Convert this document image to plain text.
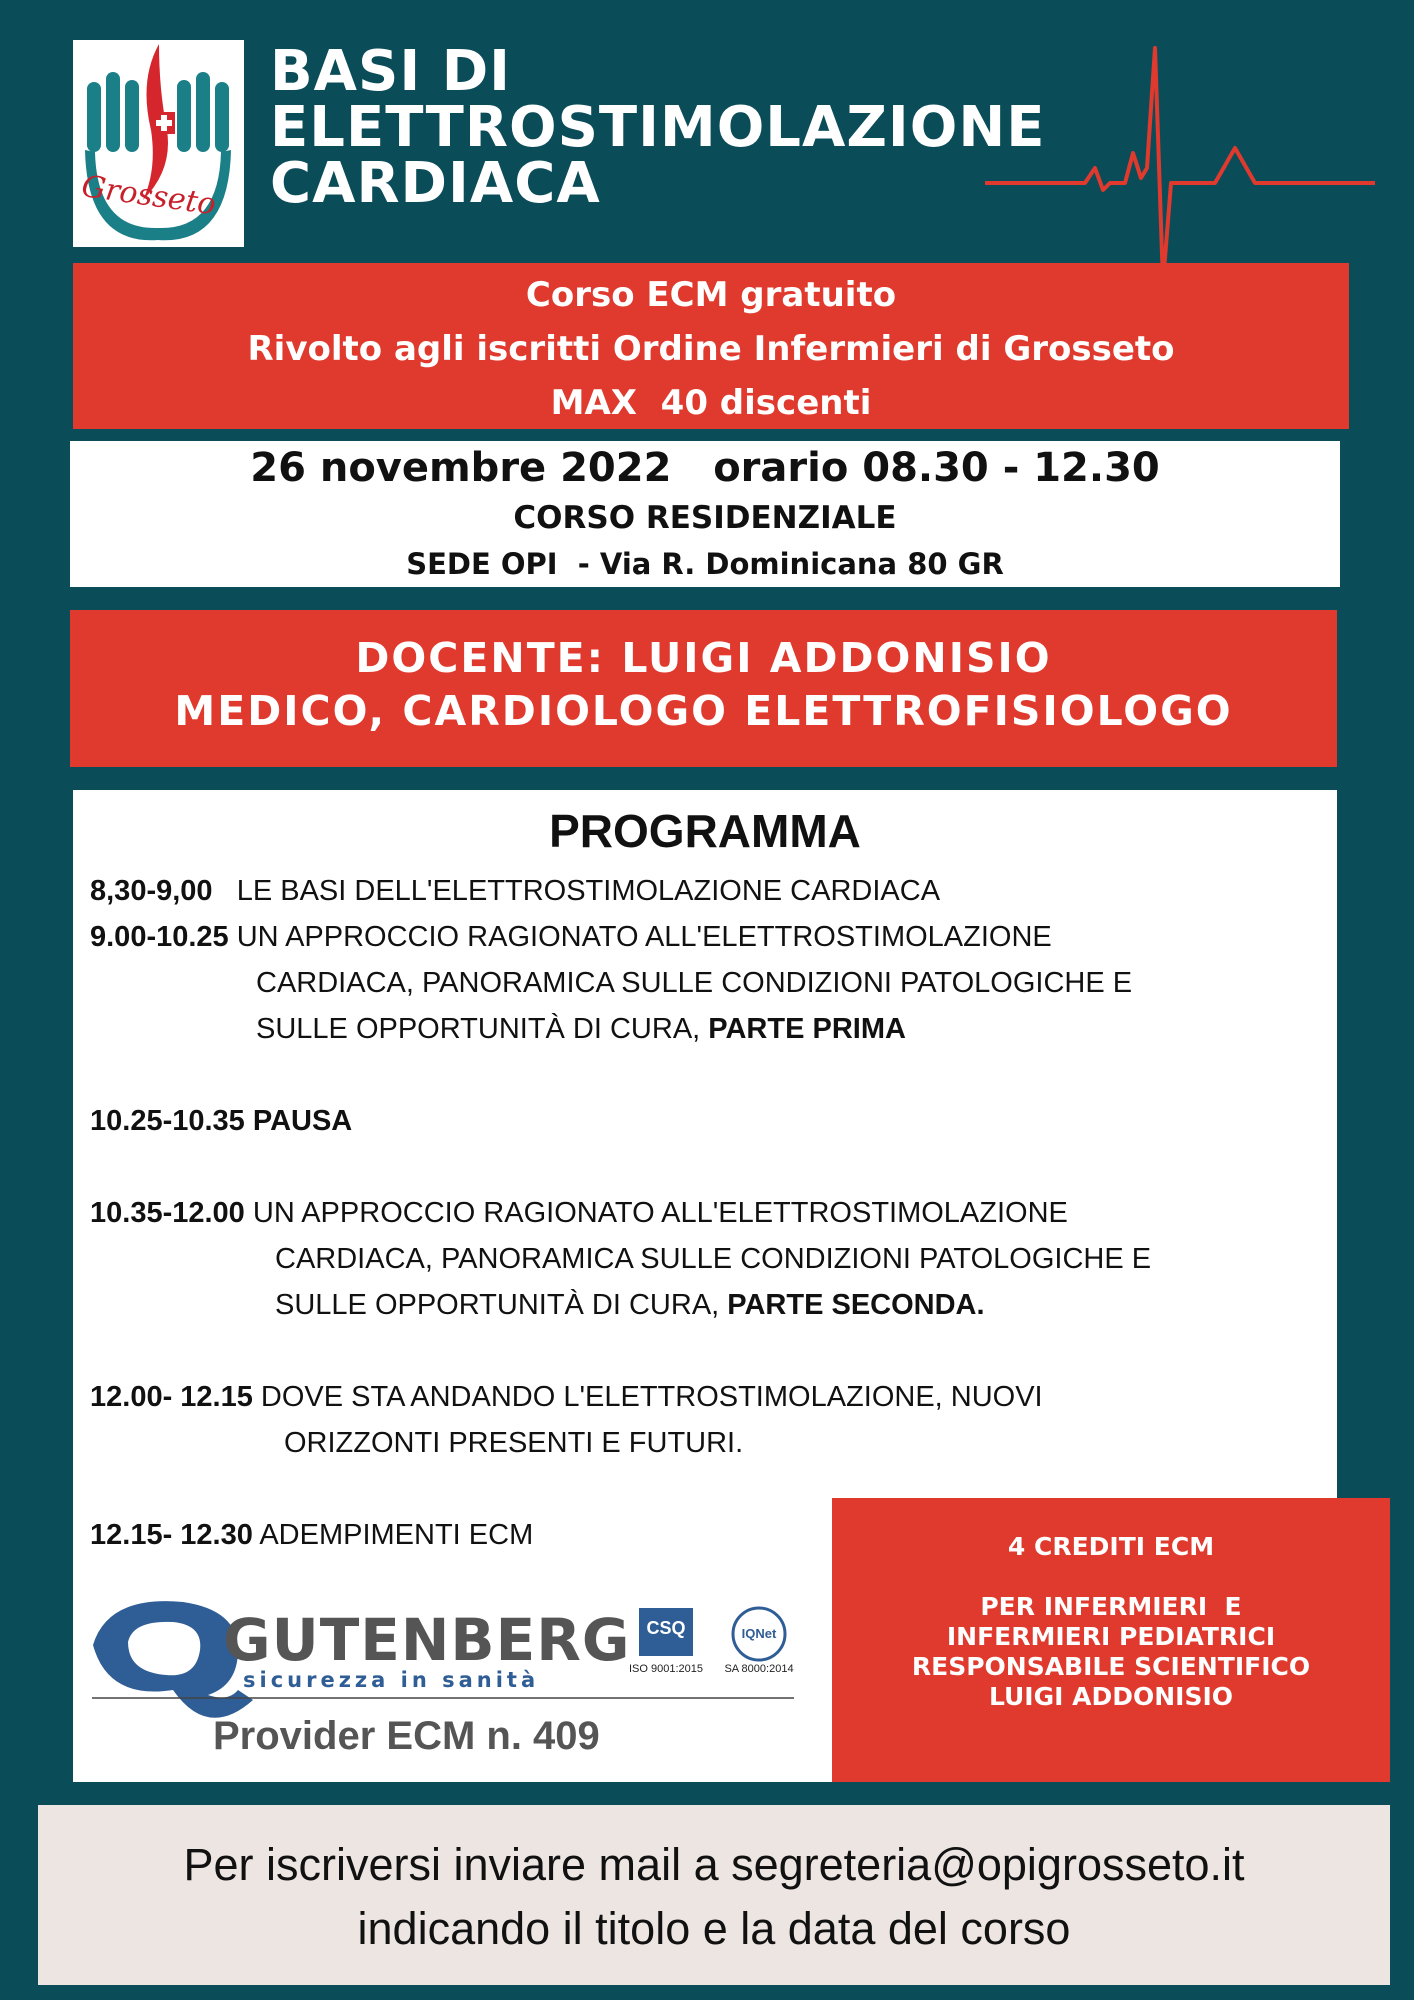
Grosseto
BASI DI
ELETTROSTIMOLAZIONE
CARDIACA
Corso ECM gratuito
Rivolto agli iscritti Ordine Infermieri di Grosseto
MAX  40 discenti
26 novembre 2022   orario 08.30 - 12.30
CORSO RESIDENZIALE
SEDE OPI  - Via R. Dominicana 80 GR
DOCENTE: LUIGI ADDONISIO
MEDICO, CARDIOLOGO ELETTROFISIOLOGO
PROGRAMMA
8,30-9,00 LE BASI DELL'ELETTROSTIMOLAZIONE CARDIACA
9.00-10.25 UN APPROCCIO RAGIONATO ALL'ELETTROSTIMOLAZIONE
CARDIACA, PANORAMICA SULLE CONDIZIONI PATOLOGICHE E
SULLE OPPORTUNITÀ DI CURA, PARTE PRIMA
10.25-10.35 PAUSA
10.35-12.00 UN APPROCCIO RAGIONATO ALL'ELETTROSTIMOLAZIONE
CARDIACA, PANORAMICA SULLE CONDIZIONI PATOLOGICHE E
SULLE OPPORTUNITÀ DI CURA, PARTE SECONDA.
12.00- 12.15 DOVE STA ANDANDO L'ELETTROSTIMOLAZIONE, NUOVI
ORIZZONTI PRESENTI E FUTURI.
12.15- 12.30 ADEMPIMENTI ECM
GUTENBERG
sicurezza in sanità
CSQ
ISO 9001:2015
IQNet
SA 8000:2014
Provider ECM n. 409
4 CREDITI ECM
PER INFERMIERI  E
INFERMIERI PEDIATRICI
RESPONSABILE SCIENTIFICO
LUIGI ADDONISIO
Per iscriversi inviare mail a segreteria@opigrosseto.it
indicando il titolo e la data del corso
